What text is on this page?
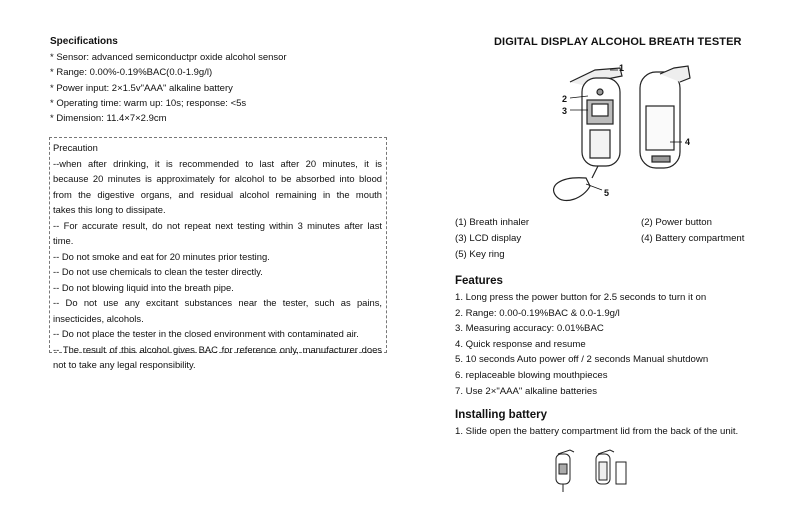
Specifications
* Sensor: advanced semiconductpr oxide alcohol sensor
* Range: 0.00%-0.19%BAC(0.0-1.9g/l)
* Power input: 2×1.5v"AAA" alkaline battery
* Operating time: warm up: 10s; response: <5s
* Dimension: 11.4×7×2.9cm
Precaution
--when after drinking, it is recommended to last after 20 minutes, it is
because 20 minutes is approximately for alcohol to be absorbed into blood
from the digestive organs, and residual alcohol remaining in the mouth
takes this long to dissipate.
-- For accurate result, do not repeat next testing within 3 minutes after last
time.
-- Do not smoke and eat for 20 minutes prior testing.
-- Do not use chemicals to clean the tester directly.
-- Do not blowing liquid into the breath pipe.
-- Do not use any excitant substances near the tester, such as pains,
insecticides, alcohols.
-- Do not place the tester in the closed environment with contaminated air.
-- The result of this alcohol gives BAC for reference only, manufacturer does
not to take any legal responsibility.
DIGITAL DISPLAY ALCOHOL BREATH TESTER
1
2
3
4
5
(1) Breath inhaler	(2) Power button
(3) LCD display	(4) Battery compartment
(5) Key ring
Features
1. Long press the power button for 2.5 seconds to turn it on
2. Range: 0.00-0.19%BAC & 0.0-1.9g/l
3. Measuring accuracy: 0.01%BAC
4. Quick response and resume
5. 10 seconds Auto power off / 2 seconds Manual shutdown
6. replaceable blowing mouthpieces
7. Use 2×"AAA" alkaline batteries
Installing battery
1. Slide open the battery compartment lid from the back of the unit.
